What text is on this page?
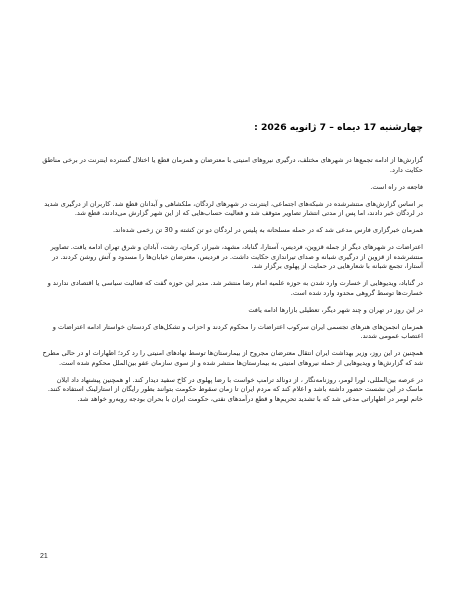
چهارشنبه 17 دیماه – 7 ژانویه 2026 :

گزارش‌ها از ادامه تجمع‌ها در شهرهای مختلف، درگیری نیروهای امنیتی با معترضان و همزمان قطع یا اختلال گسترده اینترنت در برخی مناطق حکایت دارد.

فاجعه در راه است.

بر اساس گزارش‌های منتشرشده در شبکه‌های اجتماعی، اینترنت در شهرهای لردگان، ملکشاهی و آبدانان قطع شد. کاربران از درگیری شدید در لردگان خبر دادند، اما پس از مدتی انتشار تصاویر متوقف شد و فعالیت حساب‌هایی که از این شهر گزارش می‌دادند، قطع شد.

همزمان خبرگزاری فارس مدعی شد که در حمله مسلحانه به پلیس در لردگان دو تن کشته و 30 تن زخمی شده‌اند.

اعتراضات در شهرهای دیگر از جمله قزوین، فردیس، آستارا، گناباد، مشهد، شیراز، کرمان، رشت، آبادان و شرق تهران ادامه یافت. تصاویر منتشرشده از قزوین از درگیری شبانه و صدای تیراندازی حکایت داشت. در فردیس، معترضان خیابان‌ها را مسدود و آتش روشن کردند. در آستارا، تجمع شبانه با شعارهایی در حمایت از پهلوی برگزار شد.

در گناباد، ویدیوهایی از خسارت وارد شدن به حوزه علمیه امام رضا منتشر شد. مدیر این حوزه گفت که فعالیت سیاسی یا اقتصادی ندارند و خسارت‌ها توسط گروهی محدود وارد شده است.

در این روز در تهران و چند شهر دیگر، تعطیلی بازارها ادامه یافت

همزمان انجمن‌های هنرهای تجسمی ایران سرکوب اعتراضات را محکوم کردند و احزاب و تشکل‌های کردستان خواستار ادامه اعتراضات و اعتصاب عمومی شدند.

همچنین در این روز، وزیر بهداشت ایران انتقال معترضان مجروح از بیمارستان‌ها توسط نهادهای امنیتی را رد کرد؛ اظهارات او در حالی مطرح شد که گزارش‌ها و ویدیوهایی از حمله نیروهای امنیتی به بیمارستان‌ها منتشر شده و از سوی سازمان عفو بین‌الملل محکوم شده است.

در عرصه بین‌المللی، لورا لومر، روزنامه‌نگار ، از دونالد ترامپ خواست با رضا پهلوی در کاخ سفید دیدار کند. او همچنین پیشنهاد داد ایلان ماسک در این نشست حضور داشته باشد و اعلام کند که مردم ایران تا زمان سقوط حکومت بتوانند بطور رایگان از استارلینک استفاده کنند. خانم لومر در اظهاراتی مدعی شد که با تشدید تحریم‌ها و قطع درآمدهای نفتی، حکومت ایران با بحران بودجه روبه‌رو خواهد شد.

21
